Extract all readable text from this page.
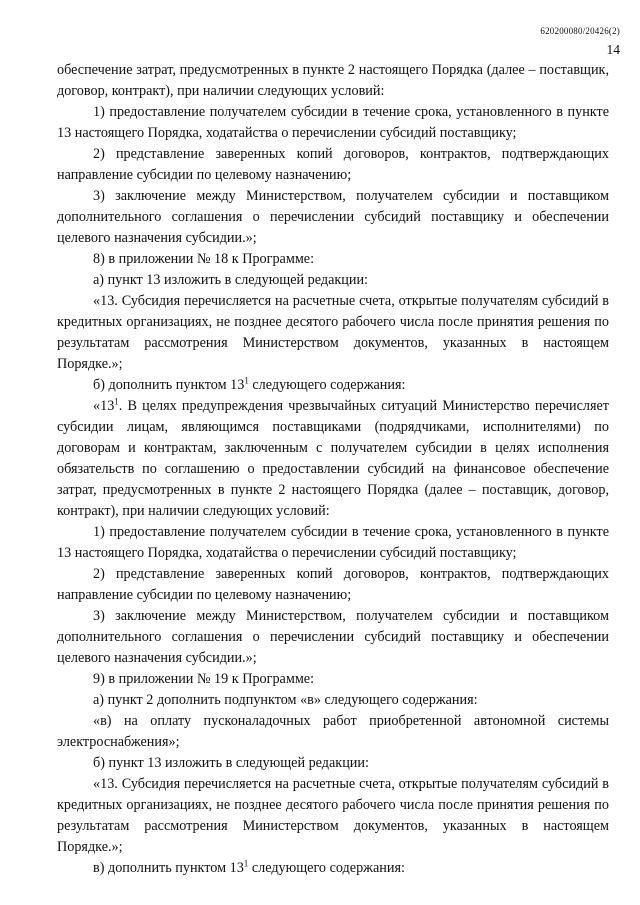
620200080/20426(2)
14

обеспечение затрат, предусмотренных в пункте 2 настоящего Порядка (далее – поставщик, договор, контракт), при наличии следующих условий:

1) предоставление получателем субсидии в течение срока, установленного в пункте 13 настоящего Порядка, ходатайства о перечислении субсидий поставщику;

2) представление заверенных копий договоров, контрактов, подтверждающих направление субсидии по целевому назначению;

3) заключение между Министерством, получателем субсидии и поставщиком дополнительного соглашения о перечислении субсидий поставщику и обеспечении целевого назначения субсидии.»;

8) в приложении № 18 к Программе:

а) пункт 13 изложить в следующей редакции:

«13. Субсидия перечисляется на расчетные счета, открытые получателям субсидий в кредитных организациях, не позднее десятого рабочего числа после принятия решения по результатам рассмотрения Министерством документов, указанных в настоящем Порядке.»;

б) дополнить пунктом $13^1$ следующего содержания:

«$13^1$. В целях предупреждения чрезвычайных ситуаций Министерство перечисляет субсидии лицам, являющимся поставщиками (подрядчиками, исполнителями) по договорам и контрактам, заключенным с получателем субсидии в целях исполнения обязательств по соглашению о предоставлении субсидий на финансовое обеспечение затрат, предусмотренных в пункте 2 настоящего Порядка (далее – поставщик, договор, контракт), при наличии следующих условий:

1) предоставление получателем субсидии в течение срока, установленного в пункте 13 настоящего Порядка, ходатайства о перечислении субсидий поставщику;

2) представление заверенных копий договоров, контрактов, подтверждающих направление субсидии по целевому назначению;

3) заключение между Министерством, получателем субсидии и поставщиком дополнительного соглашения о перечислении субсидий поставщику и обеспечении целевого назначения субсидии.»;

9) в приложении № 19 к Программе:

а) пункт 2 дополнить подпунктом «в» следующего содержания:

«в) на оплату пусконаладочных работ приобретенной автономной системы электроснабжения»;

б) пункт 13 изложить в следующей редакции:

«13. Субсидия перечисляется на расчетные счета, открытые получателям субсидий в кредитных организациях, не позднее десятого рабочего числа после принятия решения по результатам рассмотрения Министерством документов, указанных в настоящем Порядке.»;

в) дополнить пунктом $13^1$ следующего содержания:
